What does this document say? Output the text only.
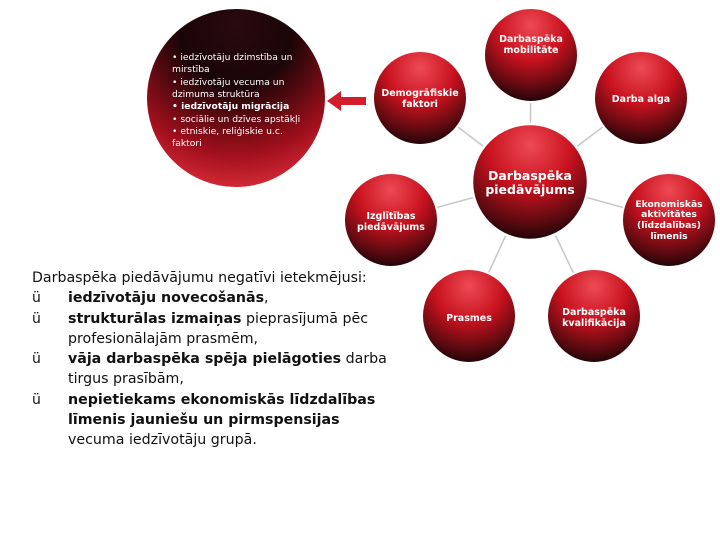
• iedzīvotāju dzimstība un
mirstība
• iedzīvotāju vecuma un
dzimuma struktūra
• iedzīvotāju migrācija
• sociālie un dzīves apstākļi
• etniskie, reliģiskie u.c.
faktori
Darbaspēka
mobilitāte
Darba alga
Demogrāfiskie
faktori
Izglītības
piedāvājums
Ekonomiskās
aktivitātes
(līdzdalības)
līmenis
Prasmes	Darbaspēka
kvalifikācija
Darbaspēka
piedāvājums
Darbaspēka piedāvājumu negatīvi ietekmējusi:
ü	iedzīvotāju novecošanās,
ü	strukturālas izmaiņas pieprasījumā pēc profesionālajām prasmēm,
ü	vāja darbaspēka spēja pielāgoties darba tirgus prasībām,
ü	nepietiekams ekonomiskās līdzdalības līmenis jauniešu un pirmspensijas vecuma iedzīvotāju grupā.
